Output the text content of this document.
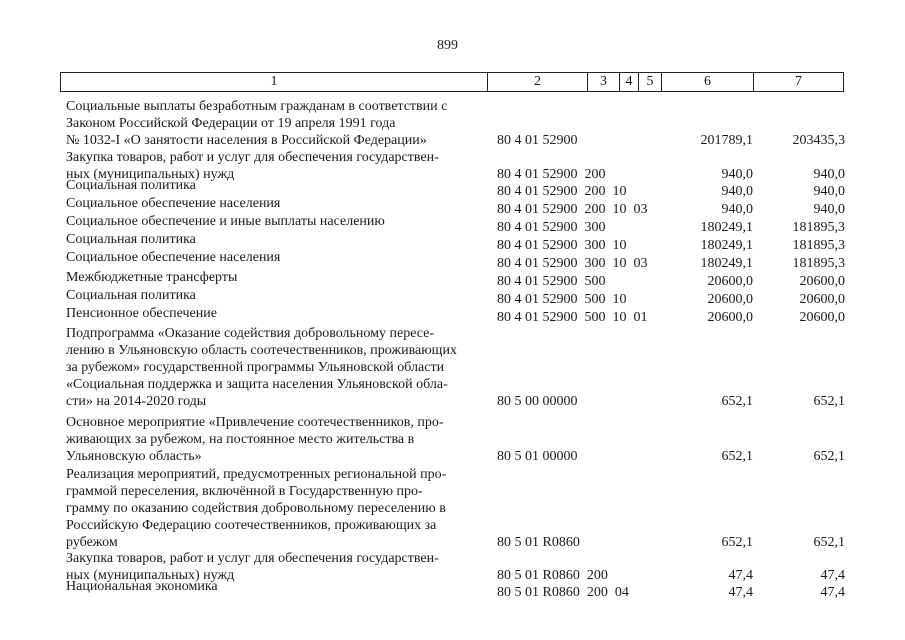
899
1	2	3	4	5	6	7
Социальные выплаты безработным гражданам в соответствии с
Законом Российской Федерации от 19 апреля 1991 года
№ 1032-I «О занятости населения в Российской Федерации»	80 4 01 52900	201789,1	203435,3
Закупка товаров, работ и услуг для обеспечения государствен-
ных (муниципальных) нужд	80 4 01 52900  200	940,0	940,0
Социальная политика	80 4 01 52900  200  10	940,0	940,0
Социальное обеспечение населения	80 4 01 52900  200  10  03	940,0	940,0
Социальное обеспечение и иные выплаты населению	80 4 01 52900  300	180249,1	181895,3
Социальная политика	80 4 01 52900  300  10	180249,1	181895,3
Социальное обеспечение населения	80 4 01 52900  300  10  03	180249,1	181895,3
Межбюджетные трансферты	80 4 01 52900  500	20600,0	20600,0
Социальная политика	80 4 01 52900  500  10	20600,0	20600,0
Пенсионное обеспечение	80 4 01 52900  500  10  01	20600,0	20600,0
Подпрограмма «Оказание содействия добровольному пересе-
лению в Ульяновскую область соотечественников, проживающих
за рубежом» государственной программы Ульяновской области
«Социальная поддержка и защита населения Ульяновской обла-
сти» на 2014-2020 годы	80 5 00 00000	652,1	652,1
Основное мероприятие «Привлечение соотечественников, про-
живающих за рубежом, на постоянное место жительства в
Ульяновскую область»	80 5 01 00000	652,1	652,1
Реализация мероприятий, предусмотренных региональной про-
граммой переселения, включённой в Государственную про-
грамму по оказанию содействия добровольному переселению в
Российскую Федерацию соотечественников, проживающих за
рубежом	80 5 01 R0860	652,1	652,1
Закупка товаров, работ и услуг для обеспечения государствен-
ных (муниципальных) нужд	80 5 01 R0860  200	47,4	47,4
Национальная экономика	80 5 01 R0860  200  04	47,4	47,4
